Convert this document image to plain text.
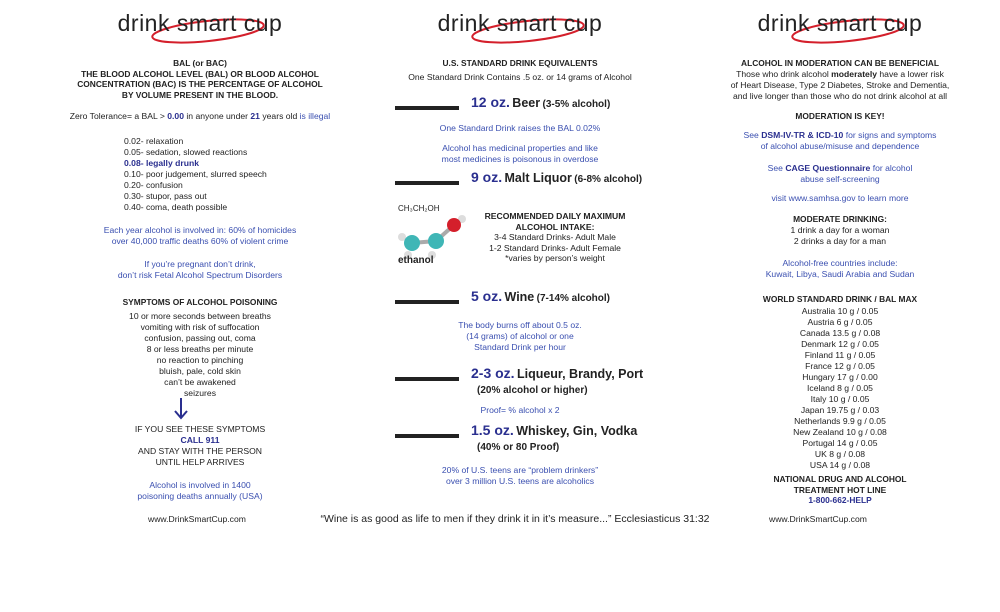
drink smart cup

BAL (or BAC)

THE BLOOD ALCOHOL LEVEL (BAL) OR BLOOD ALCOHOL

CONCENTRATION (BAC) IS THE PERCENTAGE OF ALCOHOL

BY VOLUME PRESENT IN THE BLOOD.

Zero Tolerance= a BAL > 0.00 in anyone under 21 years old is illegal

0.02- relaxation

0.05- sedation, slowed reactions

0.08- legally drunk

0.10- poor judgement, slurred speech

0.20- confusion

0.30- stupor, pass out

0.40- coma, death possible

Each year alcohol is involved in: 60% of homicides

over 40,000 traffic deaths 60% of violent crime

If you’re pregnant don’t drink,

don’t risk Fetal Alcohol Spectrum Disorders

SYMPTOMS OF ALCOHOL POISONING

10 or more seconds between breaths

vomiting with risk of suffocation

confusion, passing out, coma

8 or less breaths per minute

no reaction to pinching

bluish, pale, cold skin

can’t be awakened

seizures

IF YOU SEE THESE SYMPTOMS

CALL 911

AND STAY WITH THE PERSON

UNTIL HELP ARRIVES

Alcohol is involved in 1400

poisoning deaths annually (USA)

www.DrinkSmartCup.com
drink smart cup
U.S. STANDARD DRINK EQUIVALENTS
One Standard Drink Contains .5 oz. or 14 grams of Alcohol
12 oz. Beer (3-5% alcohol)
One Standard Drink raises the BAL 0.02%

Alcohol has medicinal properties and like

most medicines is poisonous in overdose

9 oz. Malt Liquor (6-8% alcohol)
CH₃CH₂OH
ethanol

RECOMMENDED DAILY MAXIMUM

ALCOHOL INTAKE:

3-4 Standard Drinks- Adult Male

1-2 Standard Drinks- Adult Female

*varies by person’s weight

5 oz. Wine (7-14% alcohol)

The body burns off about 0.5 oz.

(14 grams) of alcohol or one

Standard Drink per hour

2-3 oz. Liqueur, Brandy, Port
(20% alcohol or higher)
Proof= % alcohol x 2
1.5 oz. Whiskey, Gin, Vodka
(40% or 80 Proof)

20% of U.S. teens are “problem drinkers”

over 3 million U.S. teens are alcoholics

“Wine is as good as life to men if they drink it in it’s measure...” Ecclesiasticus 31:32
drink smart cup
ALCOHOL IN MODERATION CAN BE BENEFICIAL

Those who drink alcohol moderately have a lower risk

of Heart Disease, Type 2 Diabetes, Stroke and Dementia,

and live longer than those who do not drink alcohol at all

MODERATION IS KEY!

See DSM-IV-TR & ICD-10 for signs and symptoms

of alcohol abuse/misuse and dependence

See CAGE Questionnaire for alcohol

abuse self-screening

visit www.samhsa.gov to learn more
MODERATE DRINKING:

1 drink a day for a woman

2 drinks a day for a man

Alcohol-free countries include:

Kuwait, Libya, Saudi Arabia and Sudan

WORLD STANDARD DRINK / BAL MAX

Australia 10 g / 0.05

Austria 6 g / 0.05

Canada 13.5 g / 0.08

Denmark 12 g / 0.05

Finland 11 g / 0.05

France 12 g / 0.05

Hungary 17 g / 0.00

Iceland 8 g / 0.05

Italy 10 g / 0.05

Japan 19.75 g / 0.03

Netherlands 9.9 g / 0.05

New Zealand 10 g / 0.08

Portugal 14 g / 0.05

UK 8 g / 0.08

USA 14 g / 0.08

NATIONAL DRUG AND ALCOHOL

TREATMENT HOT LINE

1-800-662-HELP

www.DrinkSmartCup.com
